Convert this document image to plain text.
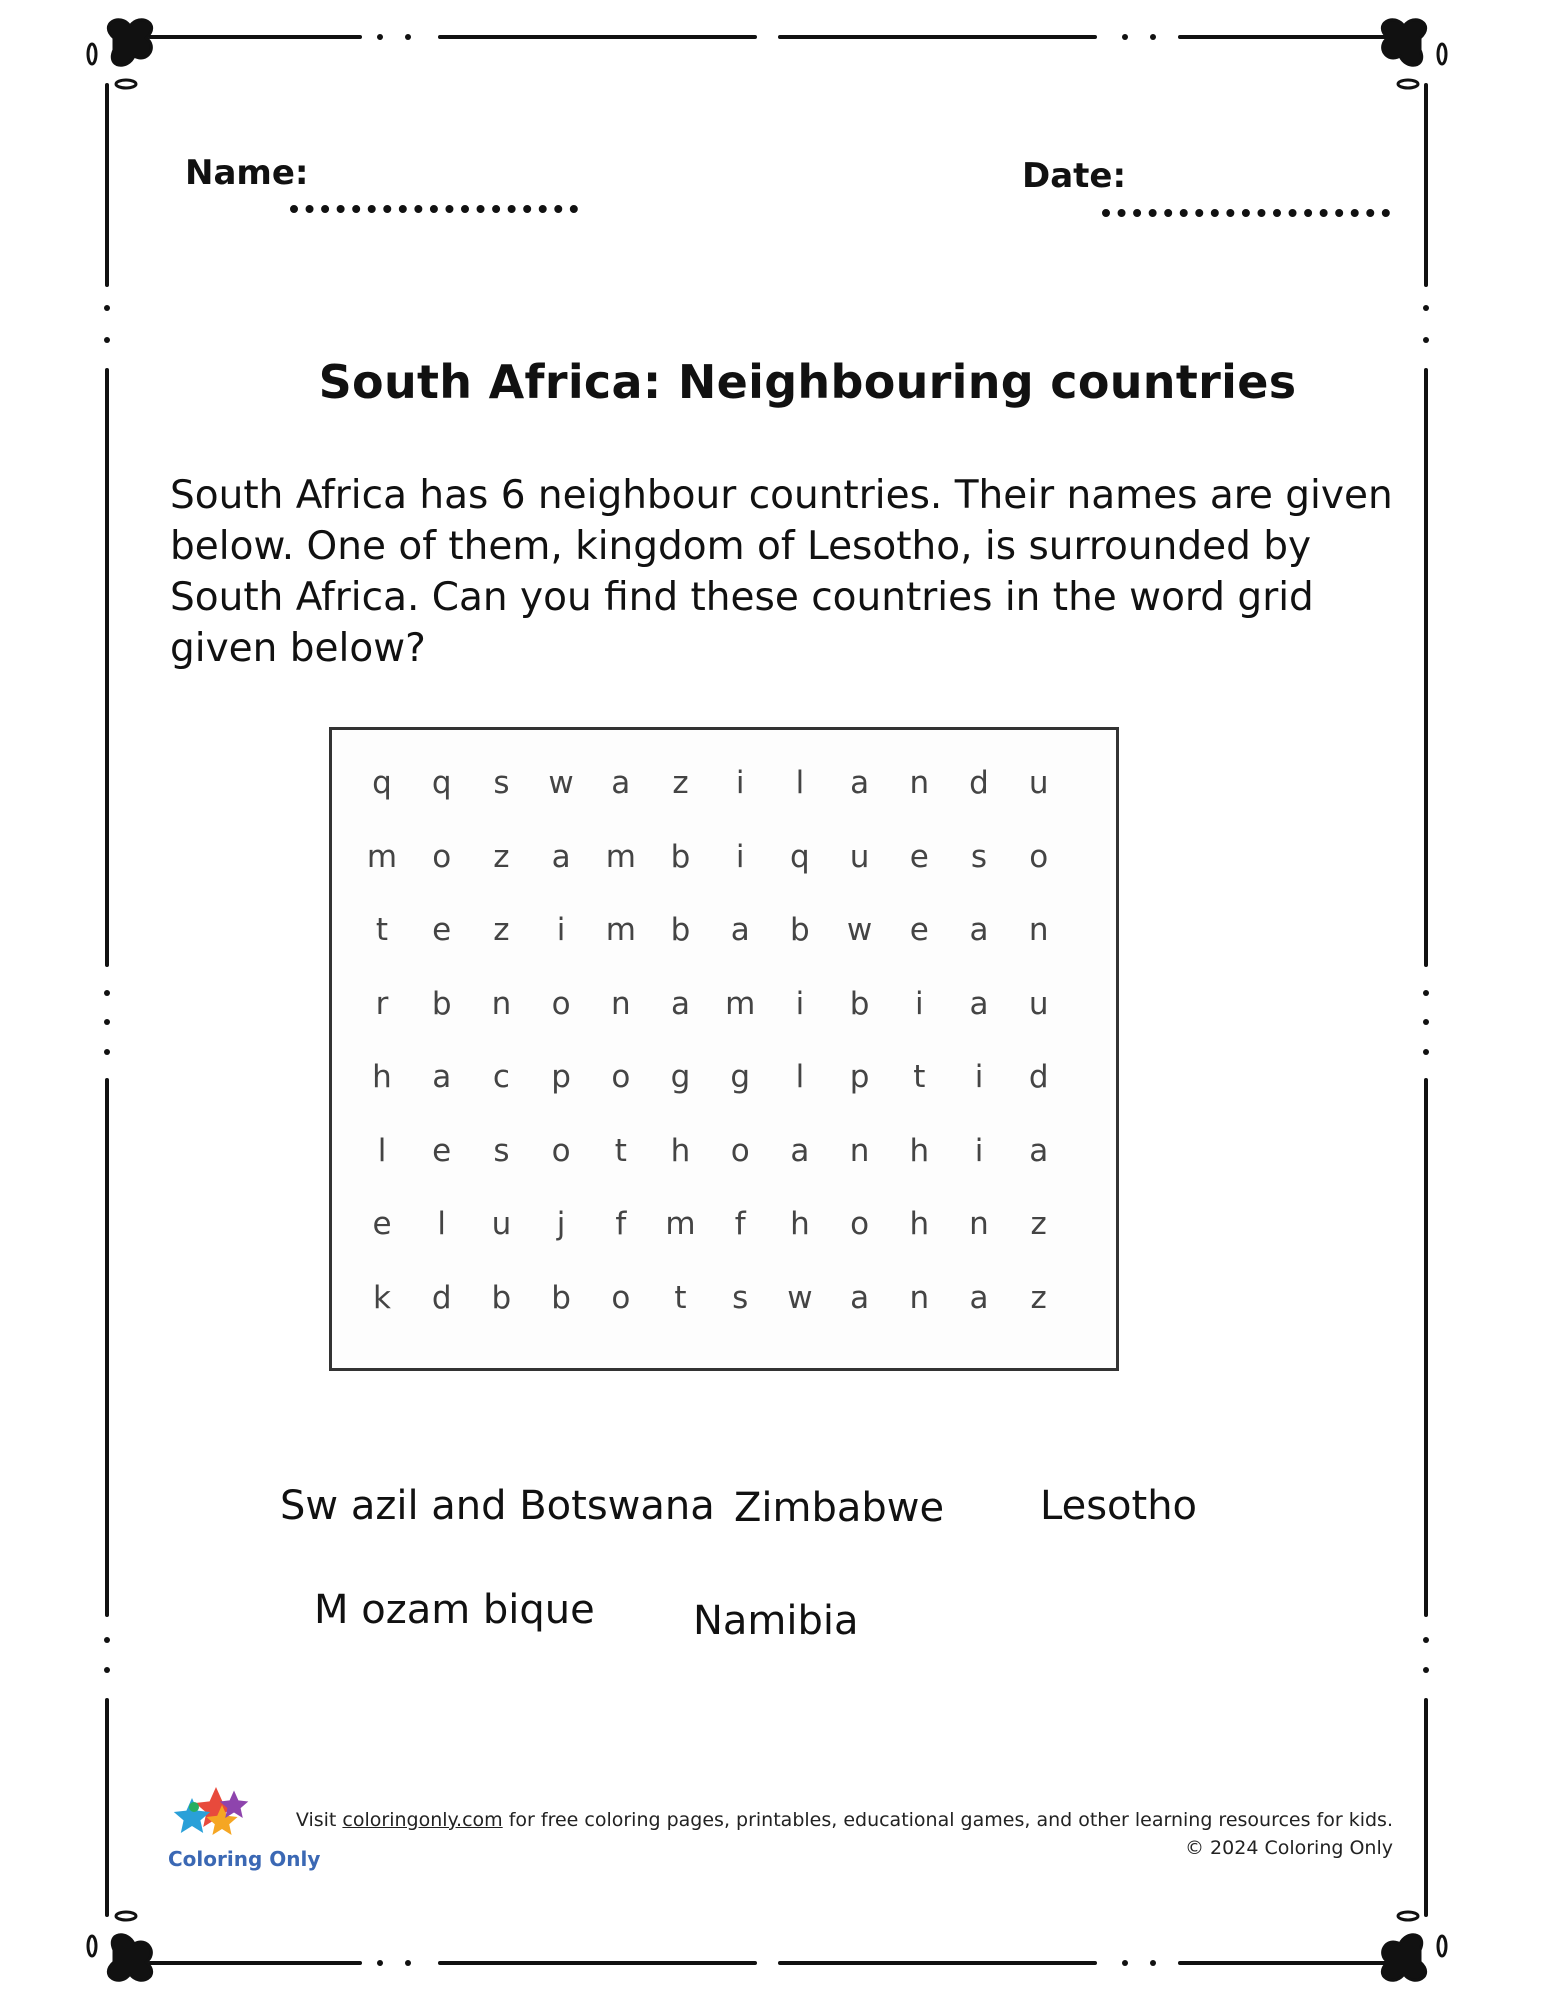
Name:	Date:
South Africa: Neighbouring countries
South Africa has 6 neighbour countries. Their names are given below. One of them, kingdom of Lesotho, is surrounded by South Africa. Can you find these countries in the word grid given below?
q	q	s	w	a	z	i	l	a	n	d	u
m	o	z	a	m	b	i	q	u	e	s	o
t	e	z	i	m	b	a	b	w	e	a	n
r	b	n	o	n	a	m	i	b	i	a	u
h	a	c	p	o	g	g	l	p	t	i	d
l	e	s	o	t	h	o	a	n	h	i	a
e	l	u	j	f	m	f	h	o	h	n	z
k	d	b	b	o	t	s	w	a	n	a	z
Sw azil and Botswana Zimbabwe Lesotho
M ozam bique Namibia
Coloring Only
Visit coloringonly.com for free coloring pages, printables, educational games, and other learning resources for kids.
© 2024 Coloring Only
